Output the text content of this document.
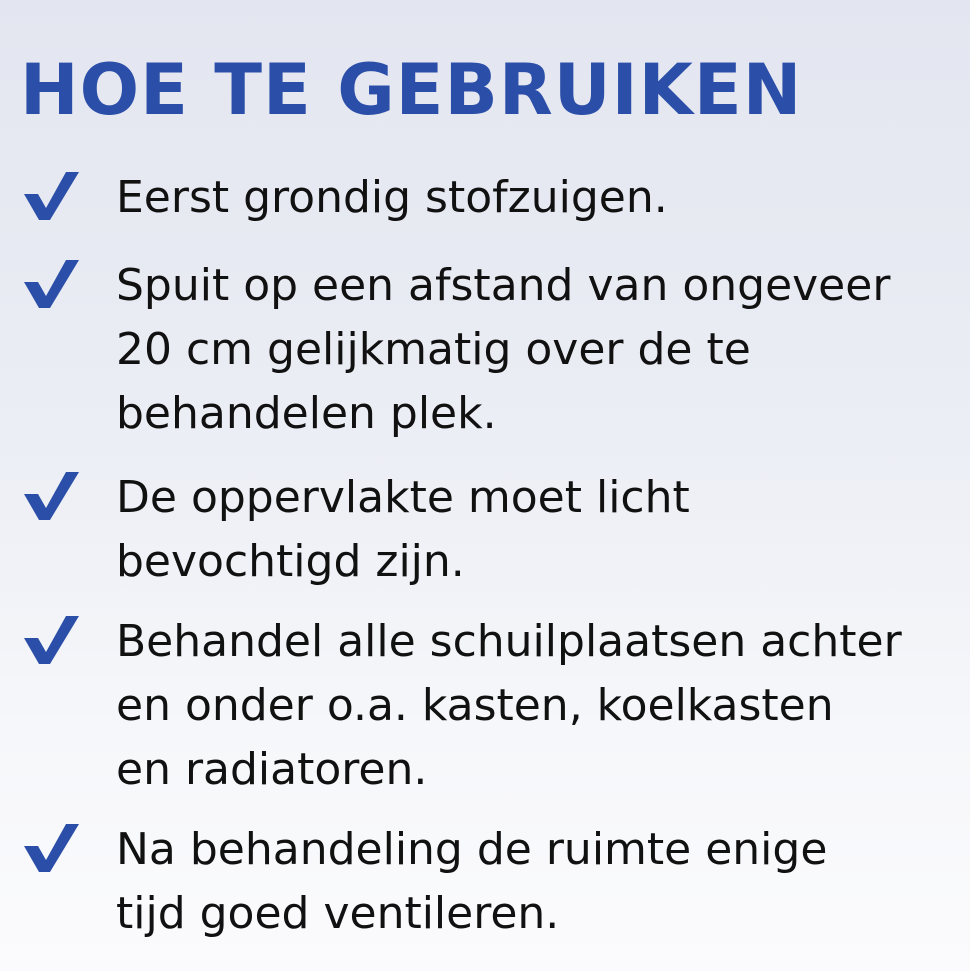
HOE TE GEBRUIKEN
Eerst grondig stofzuigen.
Spuit op een afstand van ongeveer
20 cm gelijkmatig over de te
behandelen plek.
De oppervlakte moet licht
bevochtigd zijn.
Behandel alle schuilplaatsen achter
en onder o.a. kasten, koelkasten
en radiatoren.
Na behandeling de ruimte enige
tijd goed ventileren.
